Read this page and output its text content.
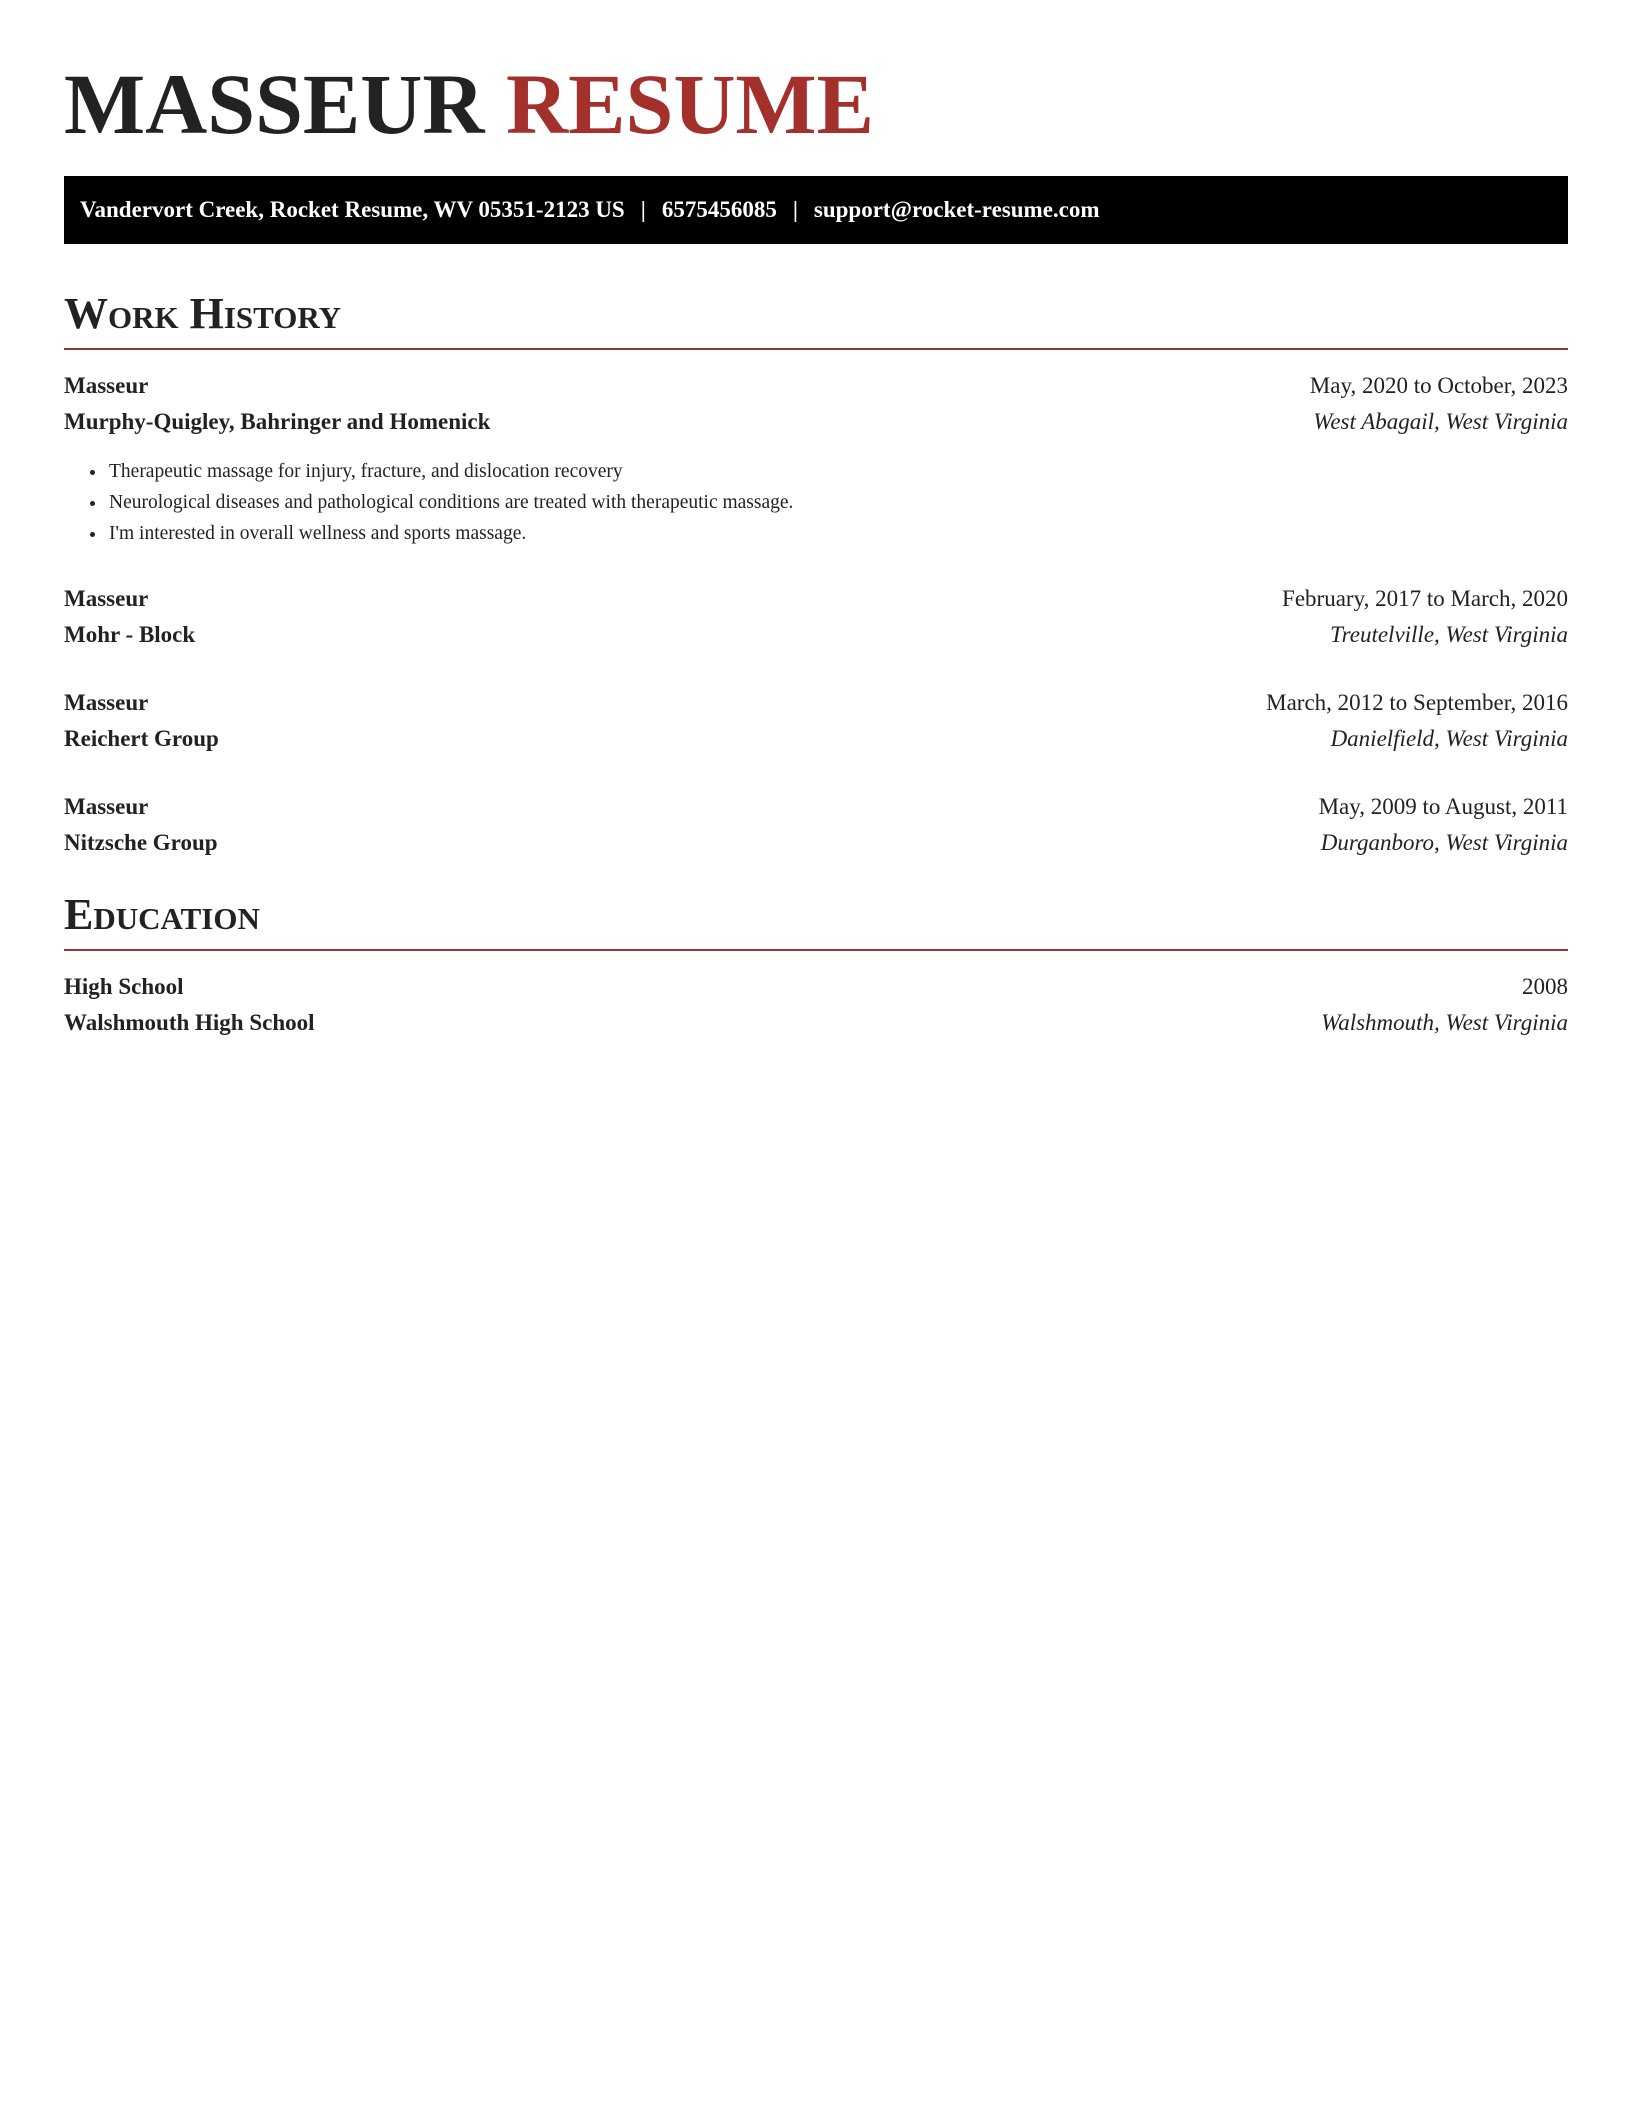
MASSEUR RESUME
Vandervort Creek, Rocket Resume, WV 05351-2123 US | 6575456085 | support@rocket-resume.com
Work History
Masseur	May, 2020 to October, 2023
Murphy-Quigley, Bahringer and Homenick	West Abagail, West Virginia
• Therapeutic massage for injury, fracture, and dislocation recovery
• Neurological diseases and pathological conditions are treated with therapeutic massage.
• I'm interested in overall wellness and sports massage.
Masseur	February, 2017 to March, 2020
Mohr - Block	Treutelville, West Virginia
Masseur	March, 2012 to September, 2016
Reichert Group	Danielfield, West Virginia
Masseur	May, 2009 to August, 2011
Nitzsche Group	Durganboro, West Virginia
Education
High School	2008
Walshmouth High School	Walshmouth, West Virginia
